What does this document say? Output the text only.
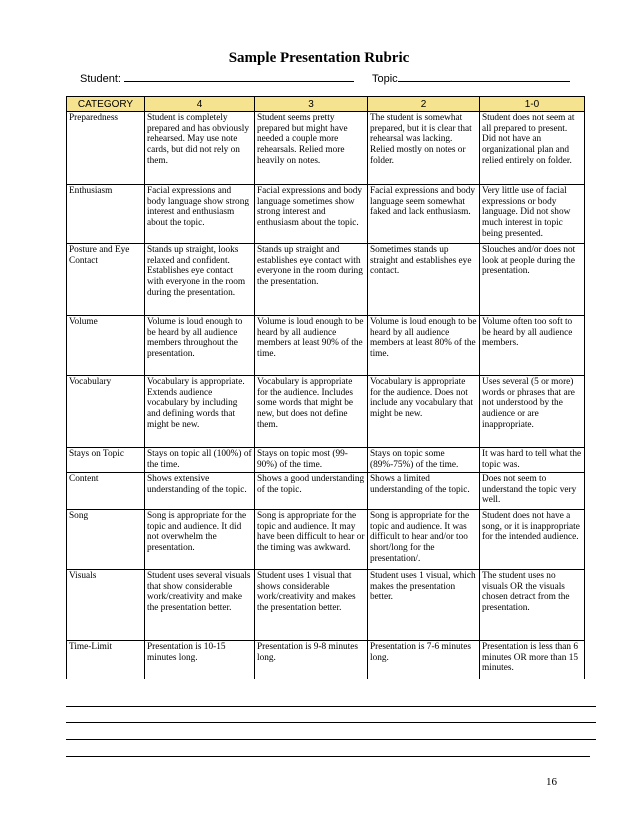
Sample Presentation Rubric
Student:	Topic
CATEGORY	4	3	2	1-0
Preparedness	Student is completely prepared and has obviously rehearsed. May use note cards, but did not rely on them.	Student seems pretty prepared but might have needed a couple more rehearsals. Relied more heavily on notes.	The student is somewhat prepared, but it is clear that rehearsal was lacking. Relied mostly on notes or folder.	Student does not seem at all prepared to present. Did not have an organizational plan and relied entirely on folder.
Enthusiasm	Facial expressions and body language show strong interest and enthusiasm about the topic.	Facial expressions and body language sometimes show strong interest and enthusiasm about the topic.	Facial expressions and body language seem somewhat faked and lack enthusiasm.	Very little use of facial expressions or body language. Did not show much interest in topic being presented.
Posture and Eye Contact	Stands up straight, looks relaxed and confident. Establishes eye contact with everyone in the room during the presentation.	Stands up straight and establishes eye contact with everyone in the room during the presentation.	Sometimes stands up straight and establishes eye contact.	Slouches and/or does not look at people during the presentation.
Volume	Volume is loud enough to be heard by all audience members throughout the presentation.	Volume is loud enough to be heard by all audience members at least 90% of the time.	Volume is loud enough to be heard by all audience members at least 80% of the time.	Volume often too soft to be heard by all audience members.
Vocabulary	Vocabulary is appropriate. Extends audience vocabulary by including and defining words that might be new.	Vocabulary is appropriate for the audience. Includes some words that might be new, but does not define them.	Vocabulary is appropriate for the audience. Does not include any vocabulary that might be new.	Uses several (5 or more) words or phrases that are not understood by the audience or are inappropriate.
Stays on Topic	Stays on topic all (100%) of the time.	Stays on topic most (99-90%) of the time.	Stays on topic some (89%-75%) of the time.	It was hard to tell what the topic was.
Content	Shows extensive understanding of the topic.	Shows a good understanding of the topic.	Shows a limited understanding of the topic.	Does not seem to understand the topic very well.
Song	Song is appropriate for the topic and audience. It did not overwhelm the presentation.	Song is appropriate for the topic and audience. It may have been difficult to hear or the timing was awkward.	Song is appropriate for the topic and audience. It was difficult to hear and/or too short/long for the presentation/.	Student does not have a song, or it is inappropriate for the intended audience.
Visuals	Student uses several visuals that show considerable work/creativity and make the presentation better.	Student uses 1 visual that shows considerable work/creativity and makes the presentation better.	Student uses 1 visual, which makes the presentation better.	The student uses no visuals OR the visuals chosen detract from the presentation.
Time-Limit	Presentation is 10-15 minutes long.	Presentation is 9-8 minutes long.	Presentation is 7-6 minutes long.	Presentation is less than 6 minutes OR more than 15 minutes.
16
